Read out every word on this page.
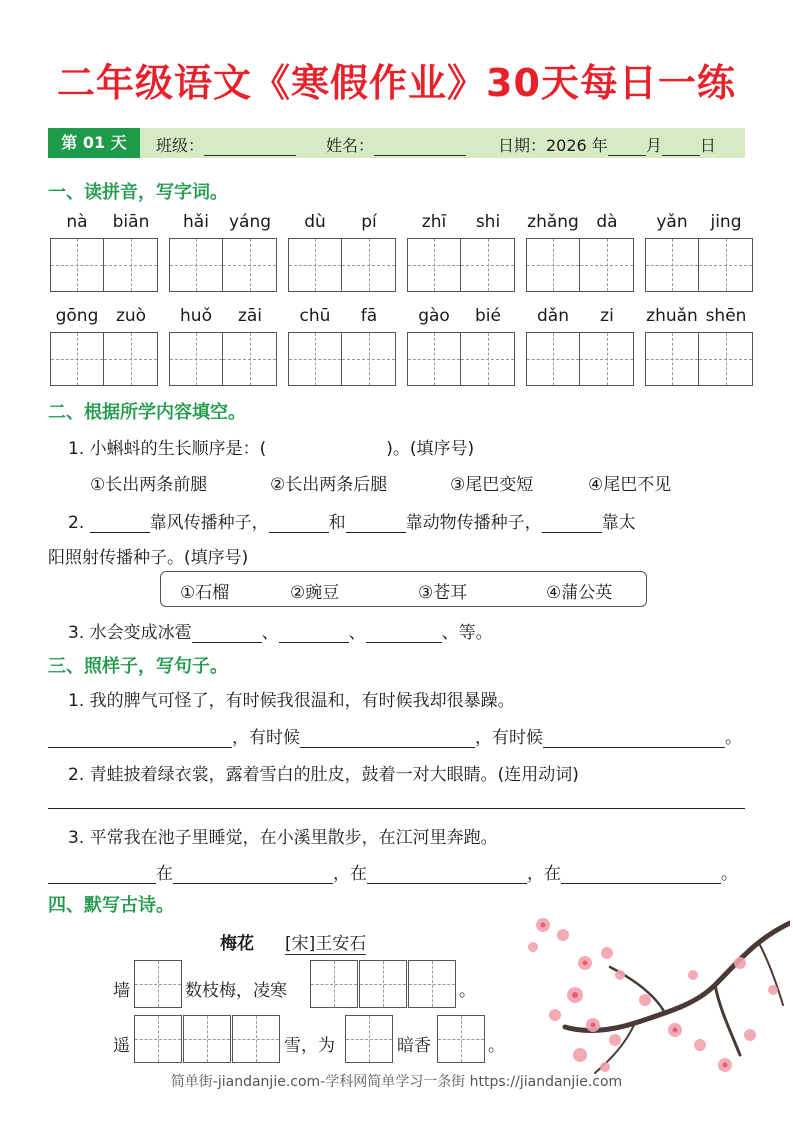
二年级语文《寒假作业》30天每日一练
第 01 天	班级：	姓名：	日期：2026 年 月 日
一、读拼音，写字词。
nà	biān	hǎi	yáng	dù	pí	zhī	shi	zhǎng	dà	yǎn	jing
gōng	zuò	huǒ	zāi	chū	fā	gào	bié	dǎn	zi	zhuǎn shēn
二、根据所学内容填空。
1. 小蝌蚪的生长顺序是：(	)。(填序号)
①长出两条前腿	②长出两条后腿	③尾巴变短	④尾巴不见
2.	靠风传播种子，	和	靠动物传播种子，	靠太
阳照射传播种子。(填序号)
①石榴	②豌豆	③苍耳	④蒲公英
3. 水会变成冰雹	、	、	、等。
三、照样子，写句子。
1. 我的脾气可怪了，有时候我很温和，有时候我却很暴躁。
，有时候	，有时候	。
2. 青蛙披着绿衣裳，露着雪白的肚皮，鼓着一对大眼睛。(连用动词)
3. 平常我在池子里睡觉，在小溪里散步，在江河里奔跑。
在	，在	，在	。
四、默写古诗。
梅花 [宋]王安石
墙	数枝梅，凌寒	。
遥	雪，为	暗香	。
简单街-jiandanjie.com-学科网简单学习一条街 https://jiandanjie.com
